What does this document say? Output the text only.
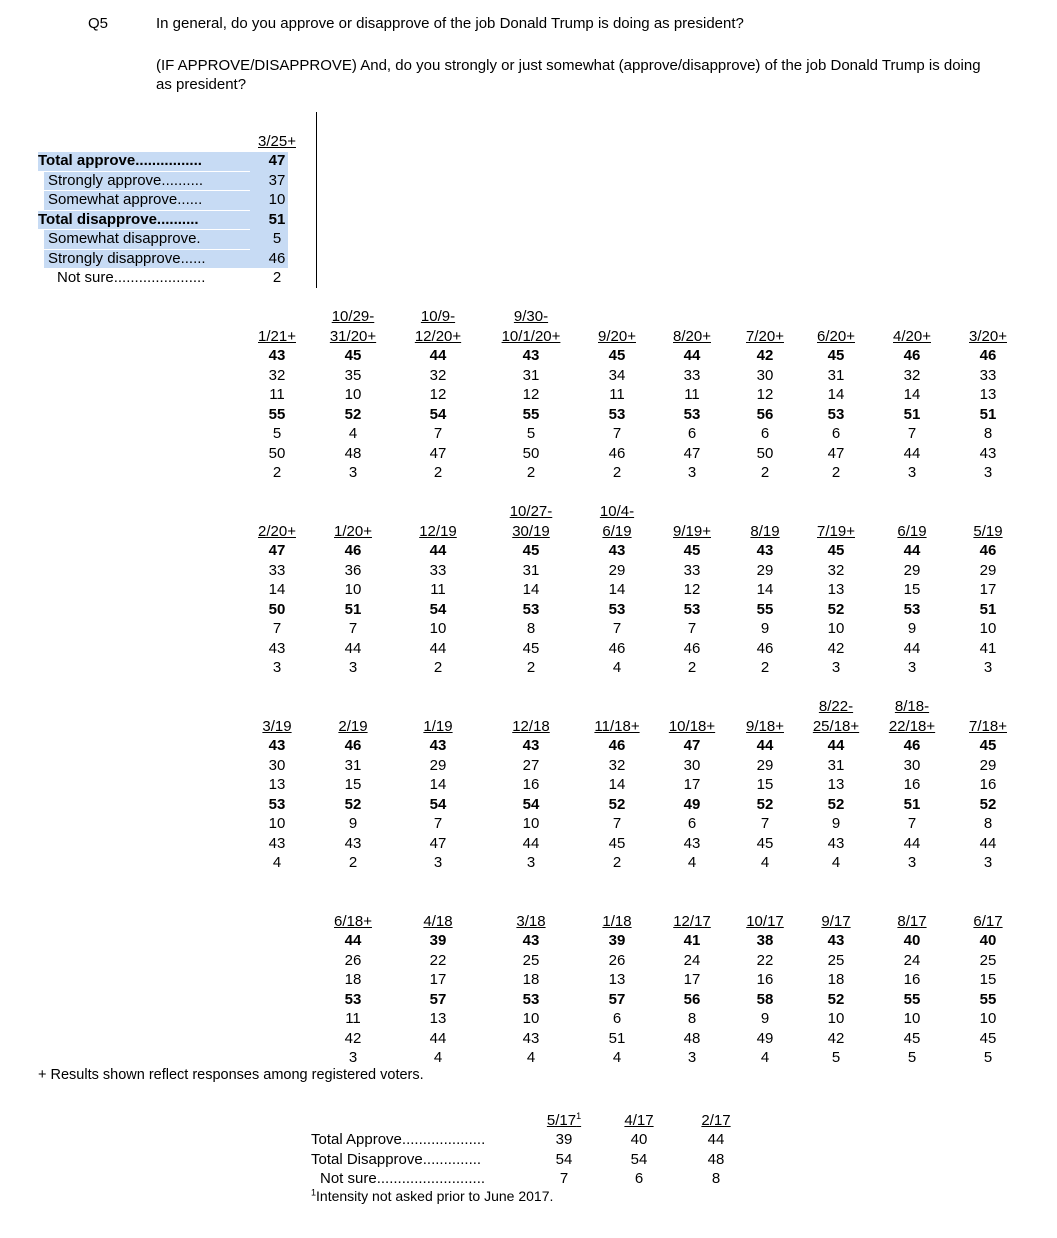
Q5	In general, do you approve or disapprove of the job Donald Trump is doing as president?
(IF APPROVE/DISAPPROVE) And, do you strongly or just somewhat (approve/disapprove) of the job Donald Trump is doing as president?
Total approve................
Strongly approve..........
Somewhat approve......
Total disapprove..........
Somewhat disapprove.
Strongly disapprove......
Not sure......................
3/25+
47
37
10
51
5
46
2
1/21+
43
32
11
55
5
50
2
10/29-
31/20+
45
35
10
52
4
48
3
10/9-
12/20+
44
32
12
54
7
47
2
9/30-
10/1/20+
43
31
12
55
5
50
2
9/20+
45
34
11
53
7
46
2
8/20+
44
33
11
53
6
47
3
7/20+
42
30
12
56
6
50
2
6/20+
45
31
14
53
6
47
2
4/20+
46
32
14
51
7
44
3
3/20+
46
33
13
51
8
43
3
2/20+
47
33
14
50
7
43
3
1/20+
46
36
10
51
7
44
3
12/19
44
33
11
54
10
44
2
10/27-
30/19
45
31
14
53
8
45
2
10/4-
6/19
43
29
14
53
7
46
4
9/19+
45
33
12
53
7
46
2
8/19
43
29
14
55
9
46
2
7/19+
45
32
13
52
10
42
3
6/19
44
29
15
53
9
44
3
5/19
46
29
17
51
10
41
3
3/19
43
30
13
53
10
43
4
2/19
46
31
15
52
9
43
2
1/19
43
29
14
54
7
47
3
12/18
43
27
16
54
10
44
3
11/18+
46
32
14
52
7
45
2
10/18+
47
30
17
49
6
43
4
9/18+
44
29
15
52
7
45
4
8/22-
25/18+
44
31
13
52
9
43
4
8/18-
22/18+
46
30
16
51
7
44
3
7/18+
45
29
16
52
8
44
3
6/18+
44
26
18
53
11
42
3
4/18
39
22
17
57
13
44
4
3/18
43
25
18
53
10
43
4
1/18
39
26
13
57
6
51
4
12/17
41
24
17
56
8
48
3
10/17
38
22
16
58
9
49
4
9/17
43
25
18
52
10
42
5
8/17
40
24
16
55
10
45
5
6/17
40
25
15
55
10
45
5
+ Results shown reflect responses among registered voters.
Total Approve....................
Total Disapprove..............
Not sure..........................
$5/17^1$
39
54
7
4/17
40
54
6
2/17
44
48
8
$^1$Intensity not asked prior to June 2017.
